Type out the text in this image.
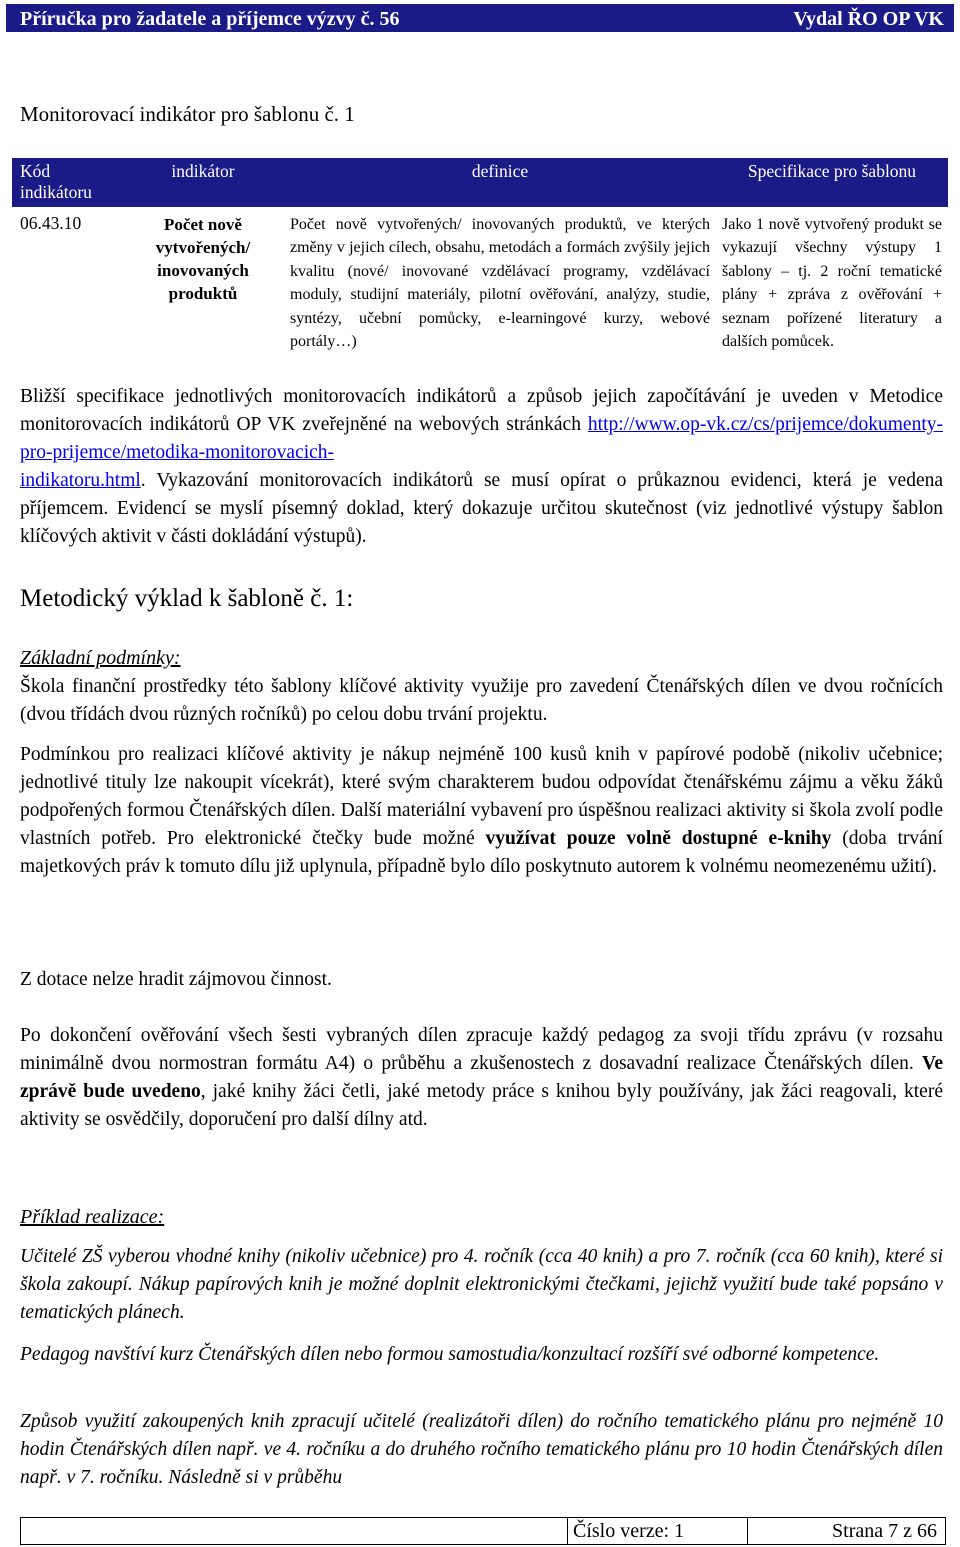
Příručka pro žadatele a příjemce výzvy č. 56	Vydal ŘO OP VK
Monitorovací indikátor pro šablonu č. 1
Kód indikátoru	indikátor	definice	Specifikace pro šablonu
06.43.10	Počet nově vytvořených/ inovovaných produktů	Počet nově vytvořených/ inovovaných produktů, ve kterých změny v jejich cílech, obsahu, metodách a formách zvýšily jejich kvalitu (nové/ inovované vzdělávací programy, vzdělávací moduly, studijní materiály, pilotní ověřování, analýzy, studie, syntézy, učební pomůcky, e-learningové kurzy, webové portály…)	Jako 1 nově vytvořený produkt se vykazují všechny výstupy 1 šablony – tj. 2 roční tematické plány + zpráva z ověřování + seznam pořízené literatury a dalších pomůcek.

Bližší specifikace jednotlivých monitorovacích indikátorů a způsob jejich započítávání je uveden v Metodice monitorovacích indikátorů OP VK zveřejněné na webových stránkách http://www.op-vk.cz/cs/prijemce/dokumenty-pro-prijemce/metodika-monitorovacich-
indikatoru.html. Vykazování monitorovacích indikátorů se musí opírat o průkaznou evidenci, která je vedena příjemcem. Evidencí se myslí písemný doklad, který dokazuje určitou skutečnost (viz jednotlivé výstupy šablon klíčových aktivit v části dokládání výstupů).

Metodický výklad k šabloně č. 1:
Základní podmínky:

Škola finanční prostředky této šablony klíčové aktivity využije pro zavedení Čtenářských dílen ve dvou ročnících (dvou třídách dvou různých ročníků) po celou dobu trvání projektu.

Podmínkou pro realizaci klíčové aktivity je nákup nejméně 100 kusů knih v papírové podobě (nikoliv učebnice; jednotlivé tituly lze nakoupit vícekrát), které svým charakterem budou odpovídat čtenářskému zájmu a věku žáků podpořených formou Čtenářských dílen. Další materiální vybavení pro úspěšnou realizaci aktivity si škola zvolí podle vlastních potřeb. Pro elektronické čtečky bude možné využívat pouze volně dostupné e-knihy (doba trvání majetkových práv k tomuto dílu již uplynula, případně bylo dílo poskytnuto autorem k volnému neomezenému užití).

Z dotace nelze hradit zájmovou činnost.

Po dokončení ověřování všech šesti vybraných dílen zpracuje každý pedagog za svoji třídu zprávu (v rozsahu minimálně dvou normostran formátu A4) o průběhu a zkušenostech z dosavadní realizace Čtenářských dílen. Ve zprávě bude uvedeno, jaké knihy žáci četli, jaké metody práce s knihou byly používány, jak žáci reagovali, které aktivity se osvědčily, doporučení pro další dílny atd.

Příklad realizace:

Učitelé ZŠ vyberou vhodné knihy (nikoliv učebnice) pro 4. ročník (cca 40 knih) a pro 7. ročník (cca 60 knih), které si škola zakoupí. Nákup papírových knih je možné doplnit elektronickými čtečkami, jejichž využití bude také popsáno v tematických plánech.

Pedagog navštíví kurz Čtenářských dílen nebo formou samostudia/konzultací rozšíří své odborné kompetence.

Způsob využití zakoupených knih zpracují učitelé (realizátoři dílen) do ročního tematického plánu pro nejméně 10 hodin Čtenářských dílen např. ve 4. ročníku a do druhého ročního tematického plánu pro 10 hodin Čtenářských dílen např. v 7. ročníku. Následně si v průběhu

Číslo verze: 1	Strana 7 z 66
